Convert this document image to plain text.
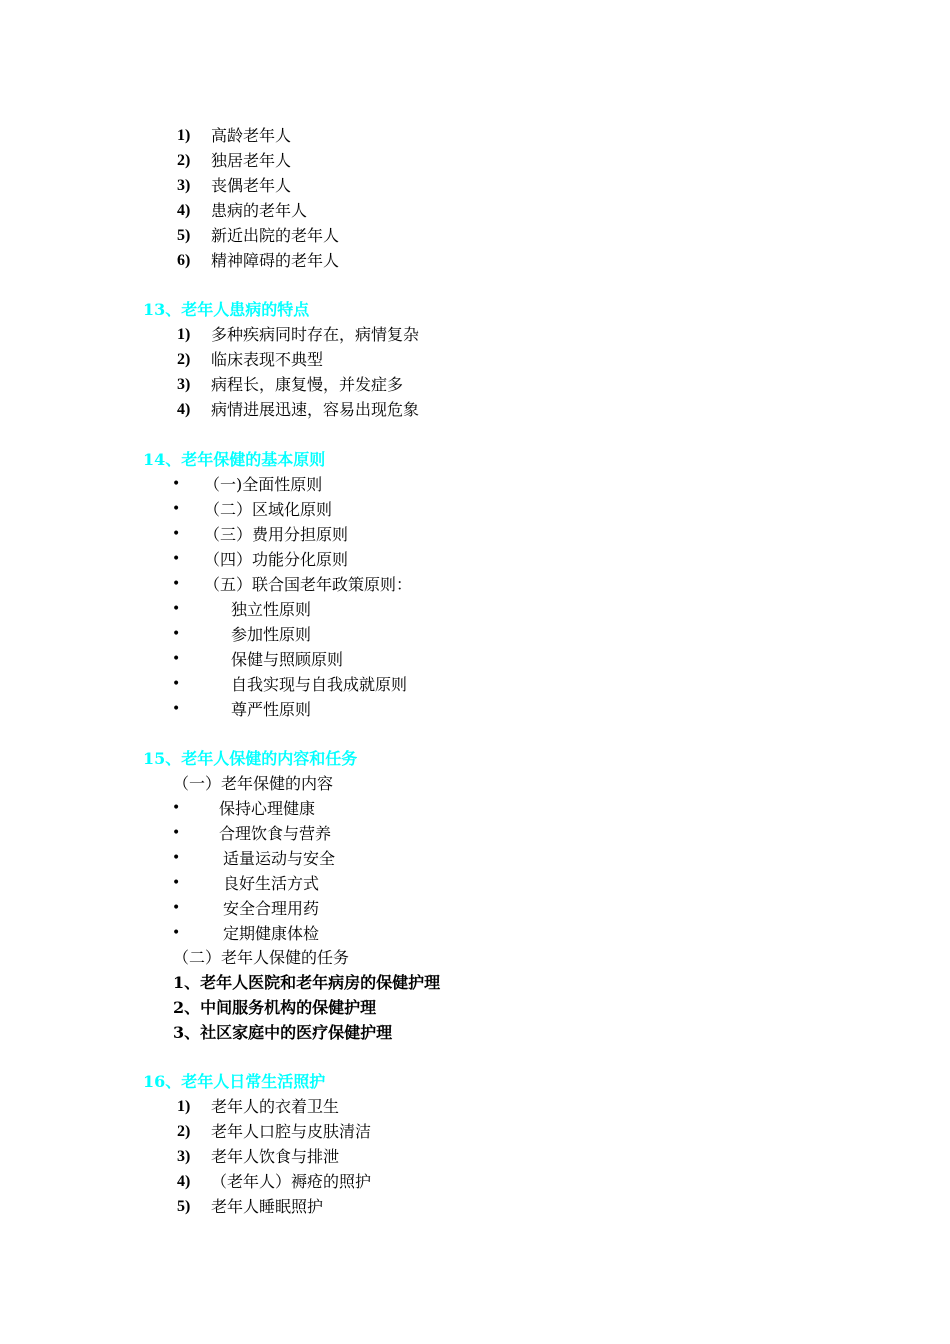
1) 高龄老年人
2) 独居老年人
3) 丧偶老年人
4) 患病的老年人
5) 新近出院的老年人
6) 精神障碍的老年人
13、老年人患病的特点
1) 多种疾病同时存在，病情复杂
2) 临床表现不典型
3) 病程长，康复慢，并发症多
4) 病情进展迅速，容易出现危象
14、老年保健的基本原则
• （一)全面性原则
• （二）区域化原则
• （三）费用分担原则
• （四）功能分化原则
• （五）联合国老年政策原则：
•	独立性原则
•	参加性原则
•	保健与照顾原则
•	自我实现与自我成就原则
•	尊严性原则
15、老年人保健的内容和任务
（一）老年保健的内容
• 保持心理健康
• 合理饮食与营养
•	适量运动与安全
•	良好生活方式
•	安全合理用药
•	定期健康体检
（二）老年人保健的任务
1、老年人医院和老年病房的保健护理
2、中间服务机构的保健护理
3、社区家庭中的医疗保健护理
16、老年人日常生活照护
1) 老年人的衣着卫生
2) 老年人口腔与皮肤清洁
3) 老年人饮食与排泄
4) （老年人）褥疮的照护
5) 老年人睡眠照护
